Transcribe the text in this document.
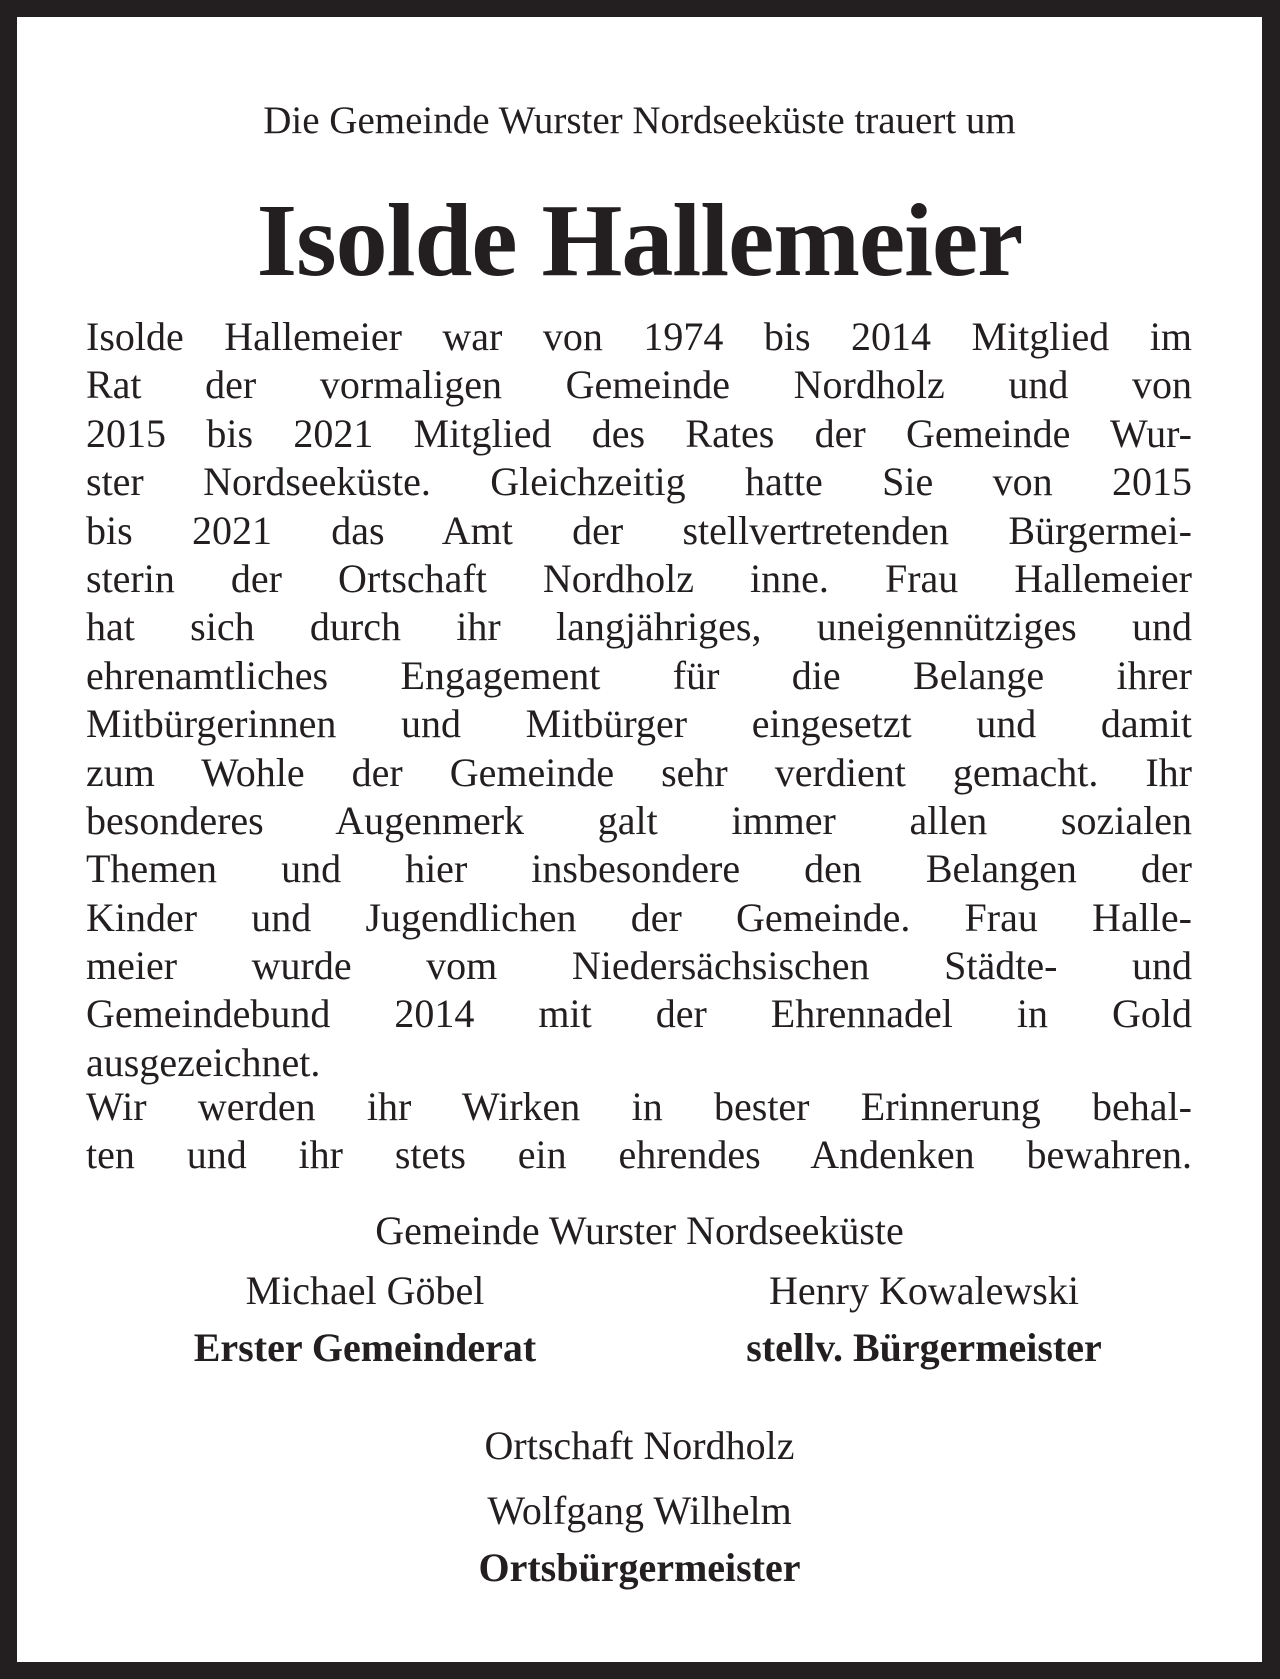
Die Gemeinde Wurster Nordseeküste trauert um
Isolde Hallemeier
Isolde Hallemeier war von 1974 bis 2014 Mitglied im
Rat der vormaligen Gemeinde Nordholz und von
2015 bis 2021 Mitglied des Rates der Gemeinde Wur-
ster Nordseeküste. Gleichzeitig hatte Sie von 2015
bis 2021 das Amt der stellvertretenden Bürgermei-
sterin der Ortschaft Nordholz inne. Frau Hallemeier
hat sich durch ihr langjähriges, uneigennütziges und
ehrenamtliches Engagement für die Belange ihrer
Mitbürgerinnen und Mitbürger eingesetzt und damit
zum Wohle der Gemeinde sehr verdient gemacht. Ihr
besonderes Augenmerk galt immer allen sozialen
Themen und hier insbesondere den Belangen der
Kinder und Jugendlichen der Gemeinde. Frau Halle-
meier wurde vom Niedersächsischen Städte- und
Gemeindebund 2014 mit der Ehrennadel in Gold
ausgezeichnet.
Wir werden ihr Wirken in bester Erinnerung behal-
ten und ihr stets ein ehrendes Andenken bewahren.
Gemeinde Wurster Nordseeküste
Michael Göbel
Erster Gemeinderat
Henry Kowalewski
stellv. Bürgermeister
Ortschaft Nordholz
Wolfgang Wilhelm
Ortsbürgermeister
